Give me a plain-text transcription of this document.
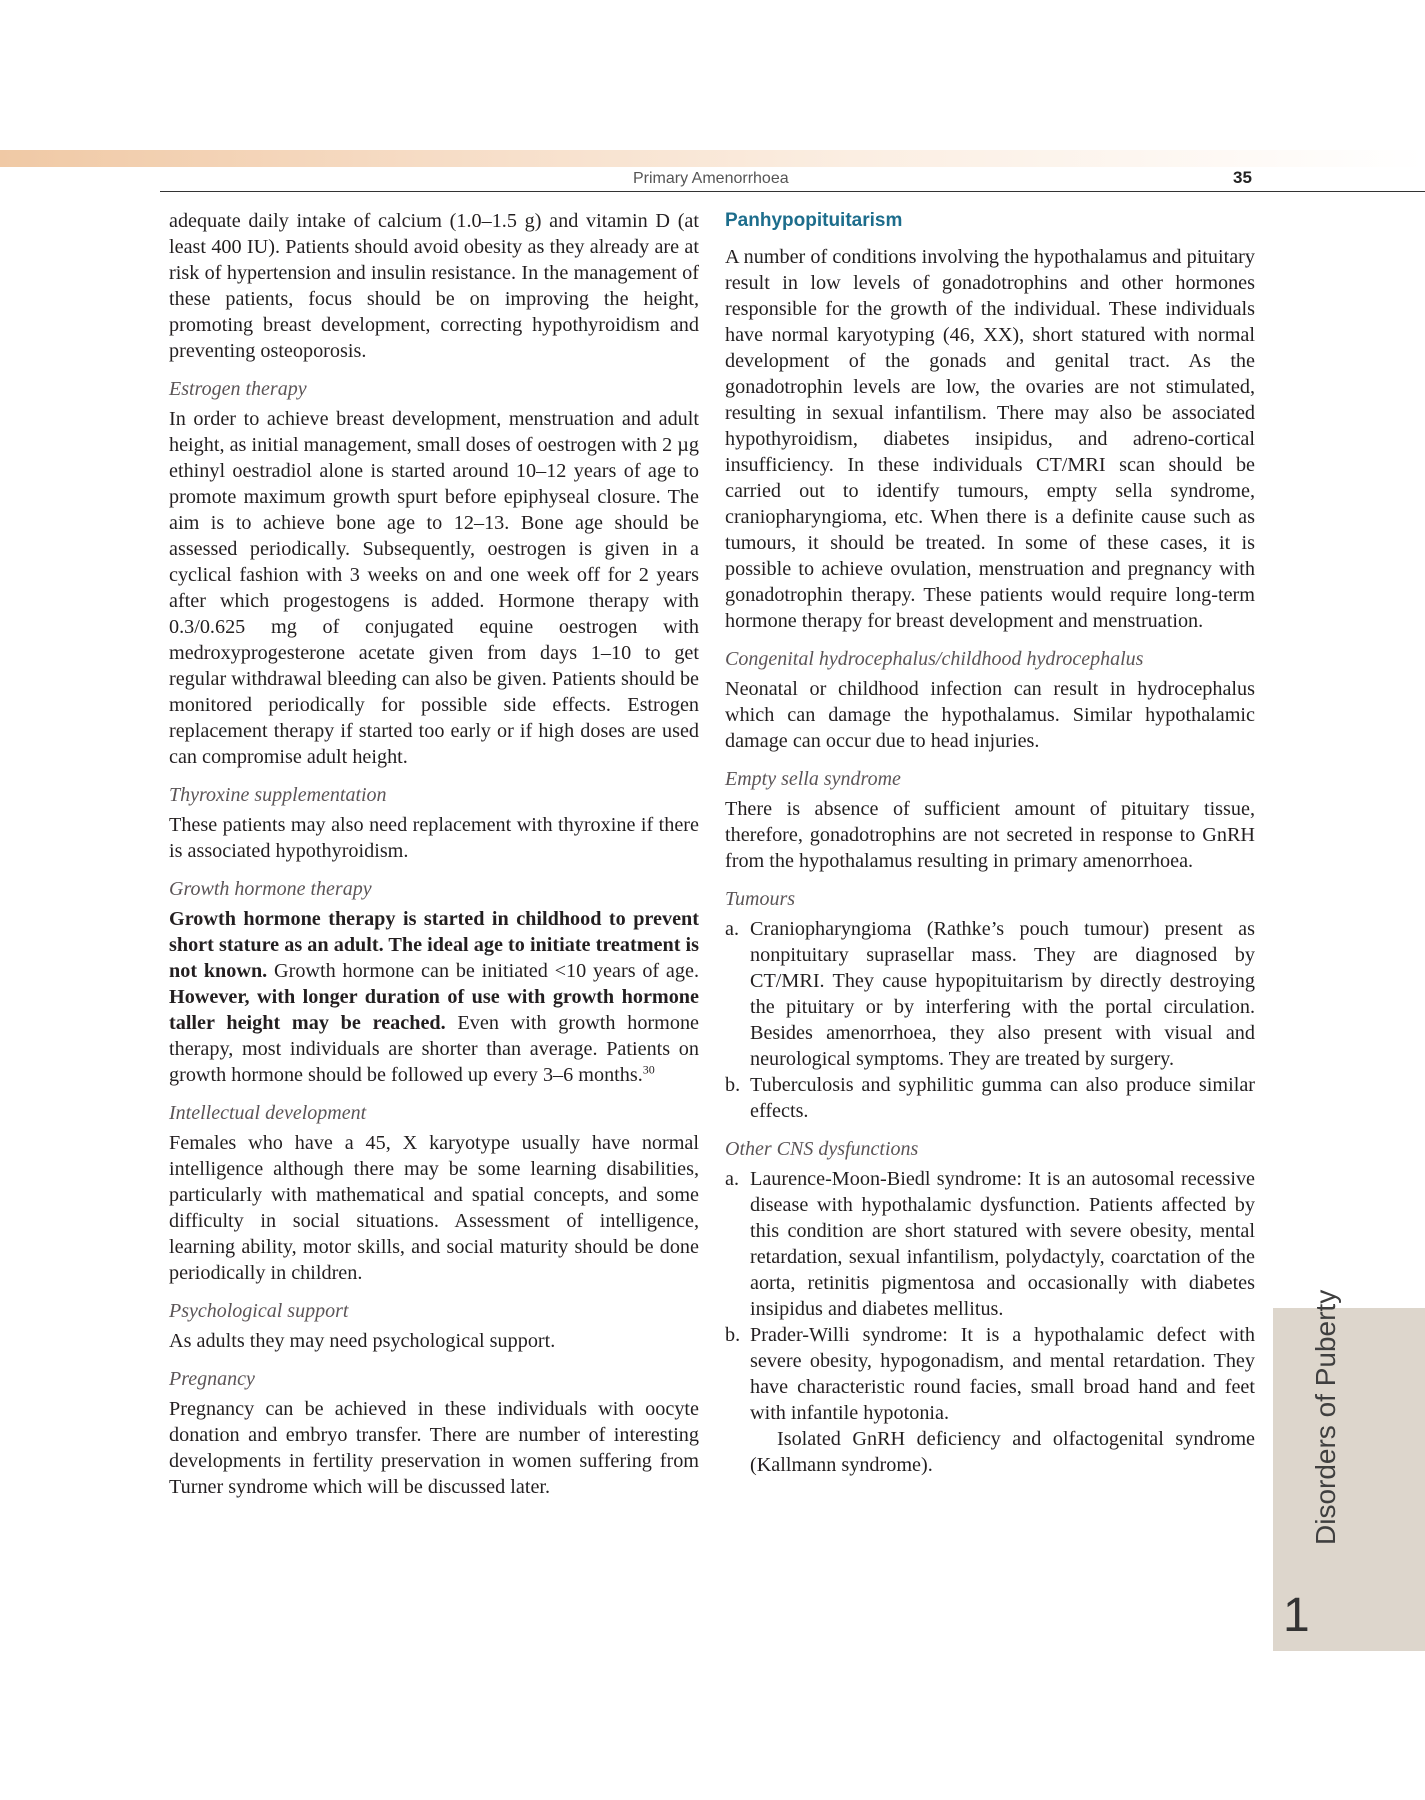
Primary Amenorrhoea	35

adequate daily intake of calcium (1.0–1.5 g) and vitamin D (at least 400 IU). Patients should avoid obesity as they already are at risk of hypertension and insulin resistance. In the management of these patients, focus should be on improving the height, promoting breast development, correcting hypothyroidism and preventing osteoporosis.

Estrogen therapy

In order to achieve breast development, menstruation and adult height, as initial management, small doses of oestrogen with 2 µg ethinyl oestradiol alone is started around 10–12 years of age to promote maximum growth spurt before epiphyseal closure. The aim is to achieve bone age to 12–13. Bone age should be assessed periodically. Subsequently, oestrogen is given in a cyclical fashion with 3 weeks on and one week off for 2 years after which progestogens is added. Hormone therapy with 0.3/0.625 mg of conjugated equine oestrogen with medroxyprogesterone acetate given from days 1–10 to get regular withdrawal bleeding can also be given. Patients should be monitored periodically for possible side effects. Estrogen replacement therapy if started too early or if high doses are used can compromise adult height.

Thyroxine supplementation

These patients may also need replacement with thyroxine if there is associated hypothyroidism.

Growth hormone therapy

Growth hormone therapy is started in childhood to prevent short stature as an adult. The ideal age to initiate treatment is not known. Growth hormone can be initiated <10 years of age. However, with longer duration of use with growth hormone taller height may be reached. Even with growth hormone therapy, most individuals are shorter than average. Patients on growth hormone should be followed up every 3–6 months.$^{30}$

Intellectual development

Females who have a 45, X karyotype usually have normal intelligence although there may be some learning disabilities, particularly with mathematical and spatial concepts, and some difficulty in social situations. Assessment of intelligence, learning ability, motor skills, and social maturity should be done periodically in children.

Psychological support

As adults they may need psychological support.

Pregnancy

Pregnancy can be achieved in these individuals with oocyte donation and embryo transfer. There are number of interesting developments in fertility preservation in women suffering from Turner syndrome which will be discussed later.

Panhypopituitarism

A number of conditions involving the hypothalamus and pituitary result in low levels of gonadotrophins and other hormones responsible for the growth of the individual. These individuals have normal karyotyping (46, XX), short statured with normal development of the gonads and genital tract. As the gonadotrophin levels are low, the ovaries are not stimulated, resulting in sexual infantilism. There may also be associated hypothyroidism, diabetes insipidus, and adreno-cortical insufficiency. In these individuals CT/MRI scan should be carried out to identify tumours, empty sella syndrome, craniopharyngioma, etc. When there is a definite cause such as tumours, it should be treated. In some of these cases, it is possible to achieve ovulation, menstruation and pregnancy with gonadotrophin therapy. These patients would require long-term hormone therapy for breast development and menstruation.

Congenital hydrocephalus/childhood hydrocephalus

Neonatal or childhood infection can result in hydrocephalus which can damage the hypothalamus. Similar hypothalamic damage can occur due to head injuries.

Empty sella syndrome

There is absence of sufficient amount of pituitary tissue, therefore, gonadotrophins are not secreted in response to GnRH from the hypothalamus resulting in primary amenorrhoea.

Tumours
a. Craniopharyngioma (Rathke’s pouch tumour) present as nonpituitary suprasellar mass. They are diagnosed by CT/MRI. They cause hypopituitarism by directly destroying the pituitary or by interfering with the portal circulation. Besides amenorrhoea, they also present with visual and neurological symptoms. They are treated by surgery.
b. Tuberculosis and syphilitic gumma can also produce similar effects.
Other CNS dysfunctions
a. Laurence-Moon-Biedl syndrome: It is an autosomal recessive disease with hypothalamic dysfunction. Patients affected by this condition are short statured with severe obesity, mental retardation, sexual infantilism, polydactyly, coarctation of the aorta, retinitis pigmentosa and occasionally with diabetes insipidus and diabetes mellitus.
b. Prader-Willi syndrome: It is a hypothalamic defect with severe obesity, hypogonadism, and mental retardation. They have characteristic round facies, small broad hand and feet with infantile hypotonia.

Isolated GnRH deficiency and olfactogenital syndrome (Kallmann syndrome).	Disorders of Puberty
1
